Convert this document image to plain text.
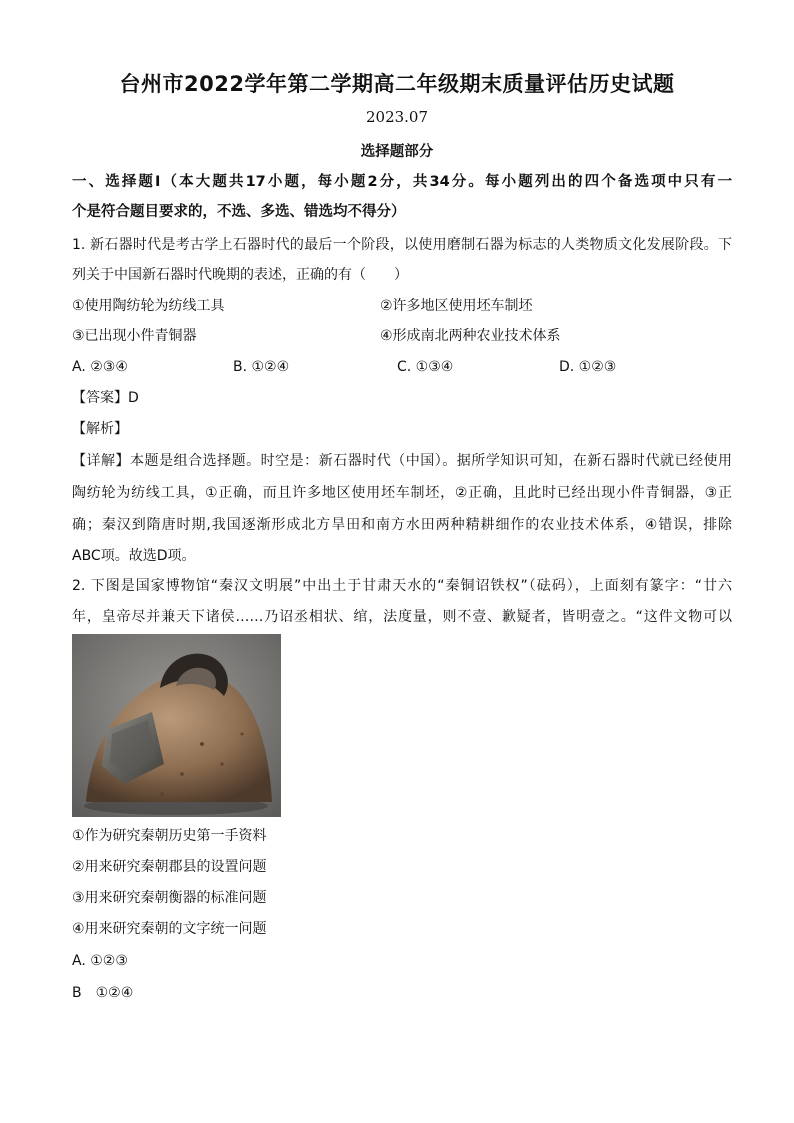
台州市2022学年第二学期高二年级期末质量评估历史试题
2023.07
选择题部分
一、选择题Ⅰ（本大题共17小题，每小题2分，共34分。每小题列出的四个备选项中只有一
个是符合题目要求的，不选、多选、错选均不得分）
1. 新石器时代是考古学上石器时代的最后一个阶段，以使用磨制石器为标志的人类物质文化发展阶段。下
列关于中国新石器时代晚期的表述，正确的有（　　）
①使用陶纺轮为纺线工具	②许多地区使用坯车制坯
③已出现小件青铜器	④形成南北两种农业技术体系
A. ②③④	B. ①②④	C. ①③④	D. ①②③
【答案】D
【解析】
【详解】本题是组合选择题。时空是：新石器时代（中国）。据所学知识可知，在新石器时代就已经使用
陶纺轮为纺线工具，①正确，而且许多地区使用坯车制坯，②正确，且此时已经出现小件青铜器，③正
确；秦汉到隋唐时期,我国逐渐形成北方旱田和南方水田两种精耕细作的农业技术体系，④错误，排除
ABC项。故选D项。
2. 下图是国家博物馆“秦汉文明展”中出土于甘肃天水的“秦铜诏铁权”（砝码），上面刻有篆字：“廿六
年，皇帝尽并兼天下诸侯……乃诏丞相状、绾，法度量，则不壹、歉疑者，皆明壹之。“这件文物可以
①作为研究秦朝历史第一手资料
②用来研究秦朝郡县的设置问题
③用来研究秦朝衡器的标准问题
④用来研究秦朝的文字统一问题
A. ①②③
B　①②④
